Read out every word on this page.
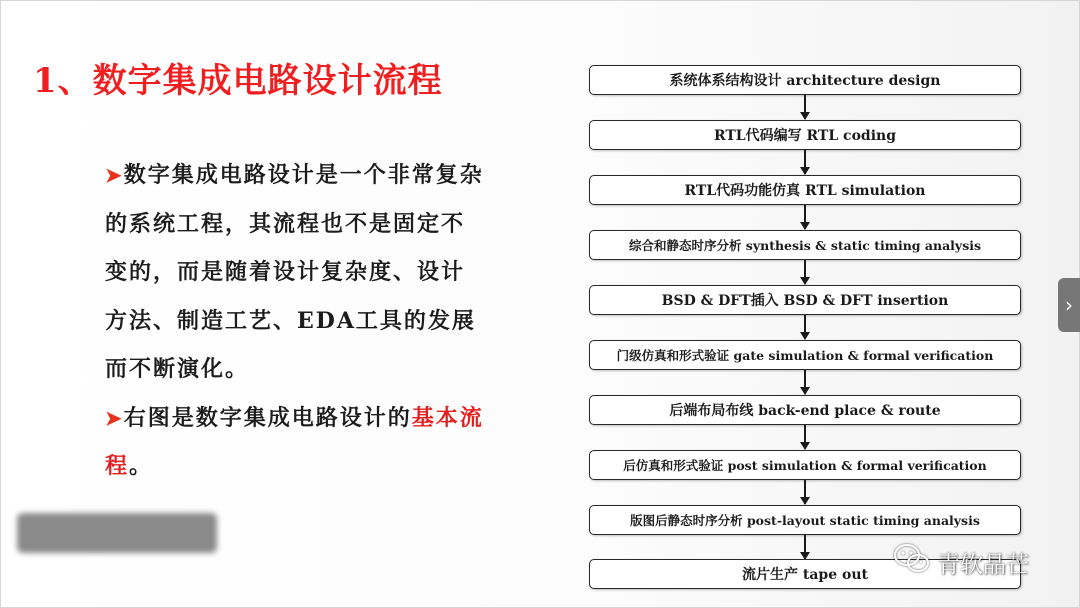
1、数字集成电路设计流程

➤数字集成电路设计是一个非常复杂的系统工程，其流程也不是固定不变的，而是随着设计复杂度、设计方法、制造工艺、EDA工具的发展而不断演化。

➤右图是数字集成电路设计的基本流程。

系统体系结构设计 architecture design
RTL代码编写 RTL coding
RTL代码功能仿真 RTL simulation
综合和静态时序分析 synthesis & static timing analysis
BSD & DFT插入 BSD & DFT insertion
门级仿真和形式验证 gate simulation & formal verification
后端布局布线 back-end place & route
后仿真和形式验证 post simulation & formal verification
版图后静态时序分析 post-layout static timing analysis
流片生产 tape out	青软晶芒
›
